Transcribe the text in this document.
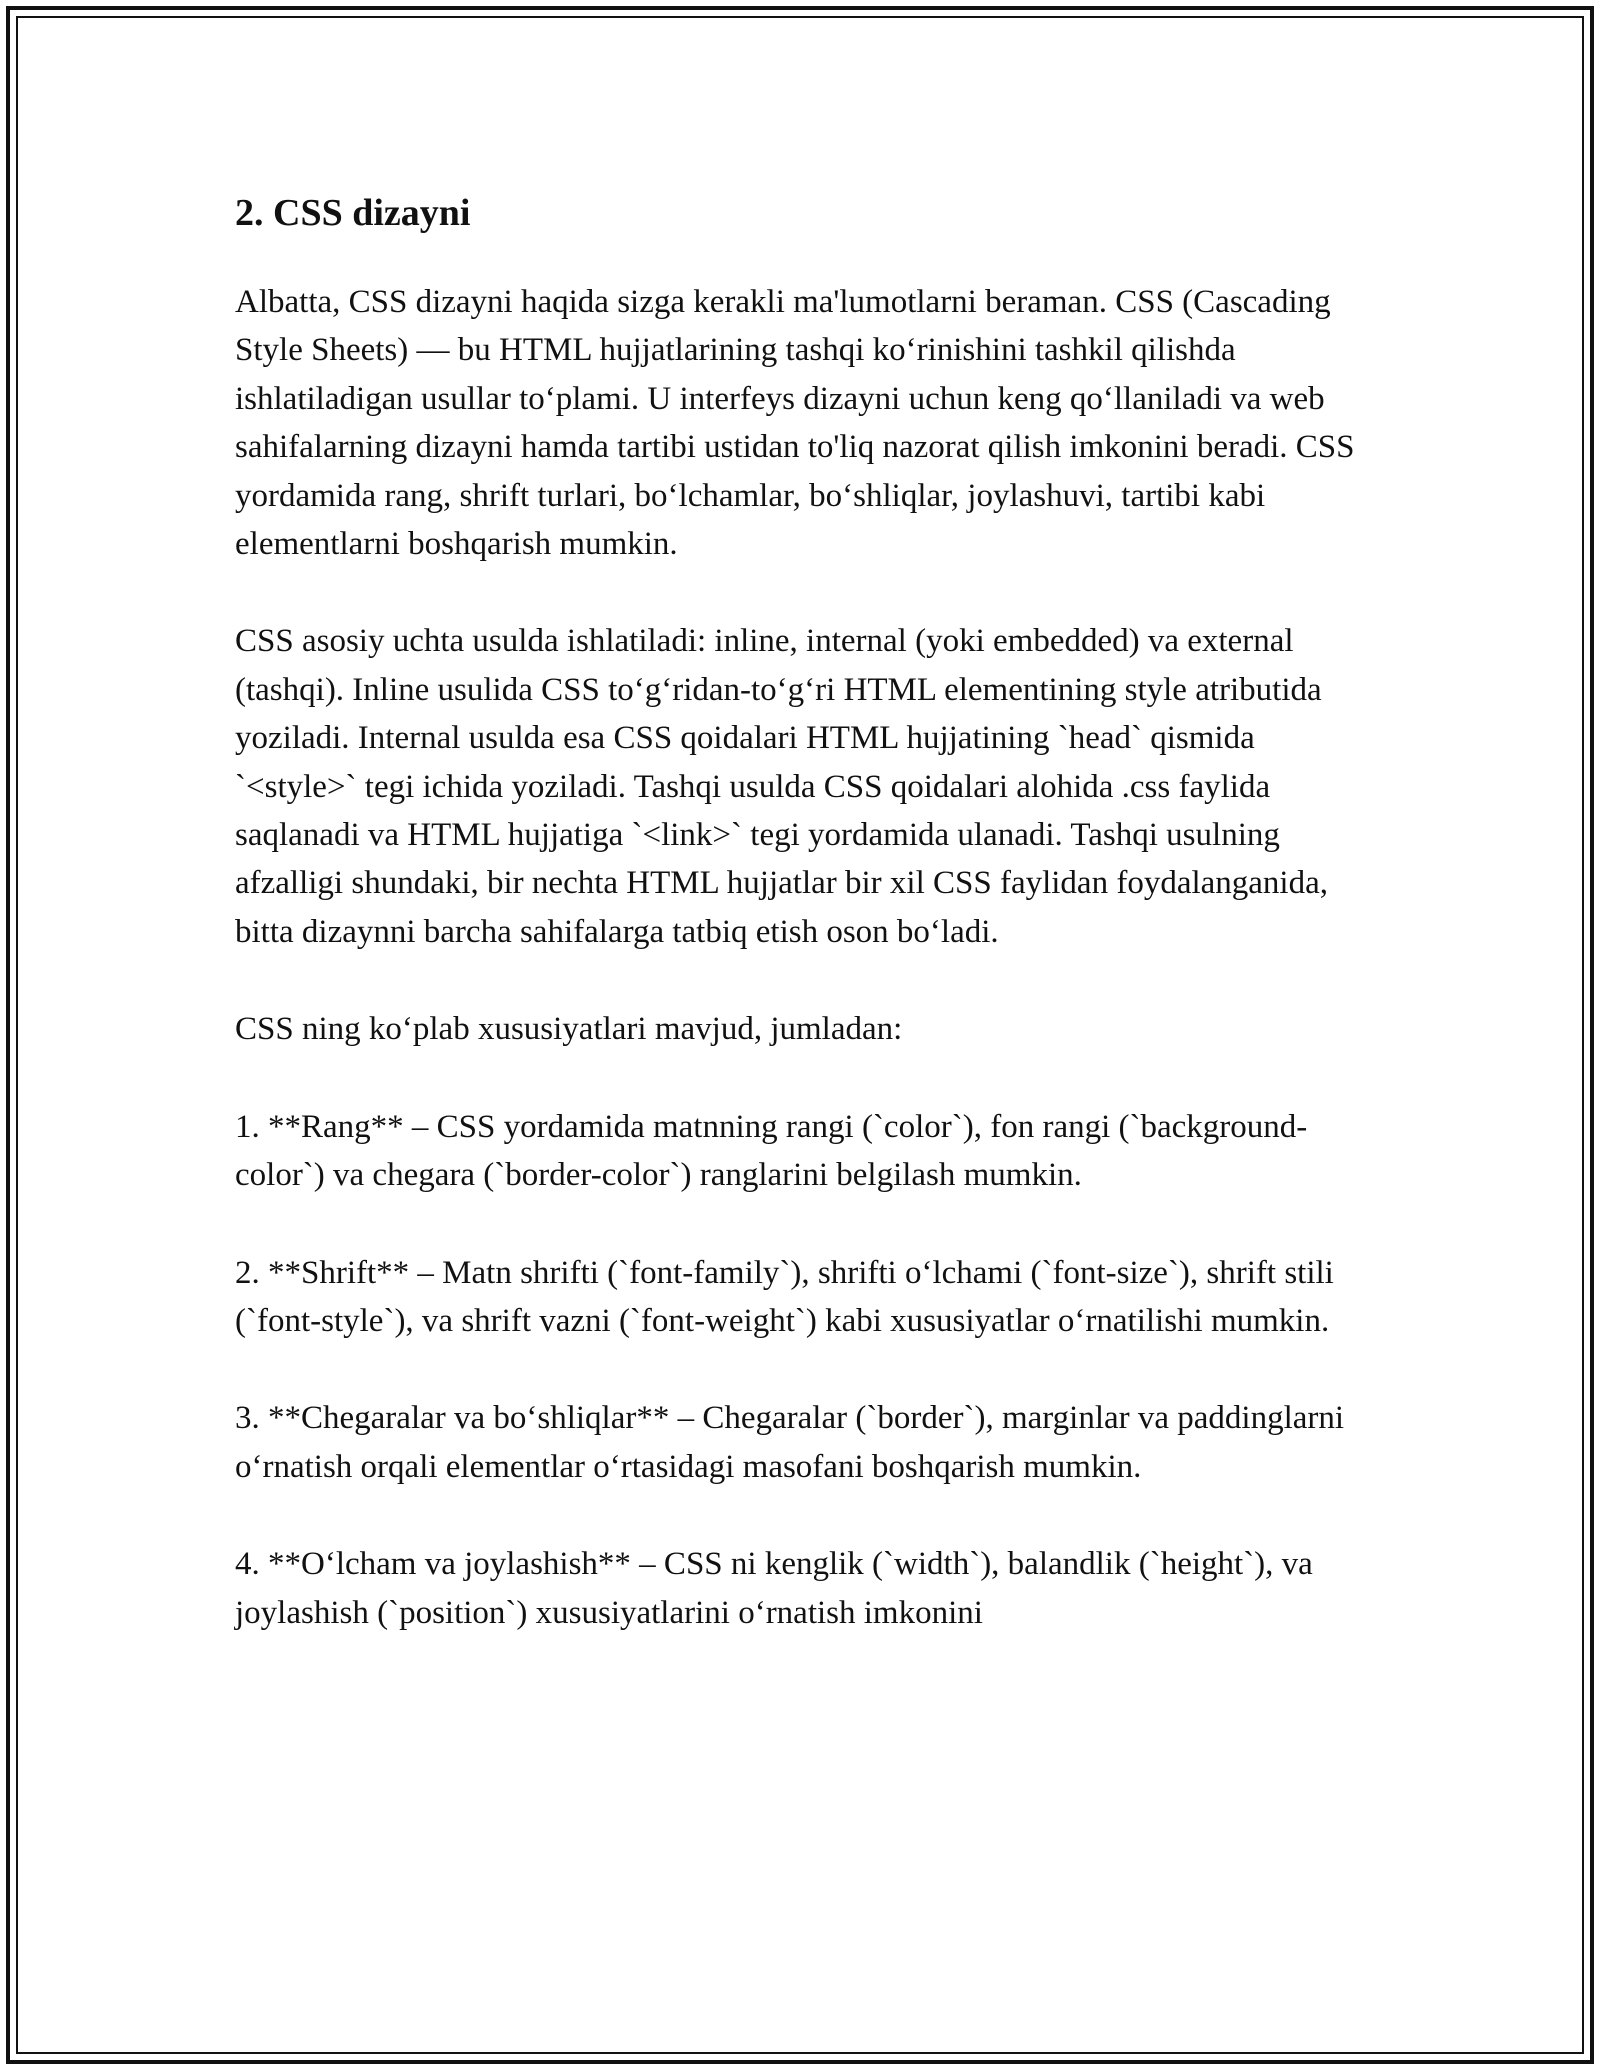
2. CSS dizayni

Albatta, CSS dizayni haqida sizga kerakli ma'lumotlarni beraman. CSS (Cascading Style Sheets) — bu HTML hujjatlarining tashqi ko‘rinishini tashkil qilishda ishlatiladigan usullar to‘plami. U interfeys dizayni uchun keng qo‘llaniladi va web sahifalarning dizayni hamda tartibi ustidan to'liq nazorat qilish imkonini beradi. CSS yordamida rang, shrift turlari, bo‘lchamlar, bo‘shliqlar, joylashuvi, tartibi kabi elementlarni boshqarish mumkin.

CSS asosiy uchta usulda ishlatiladi: inline, internal (yoki embedded) va external (tashqi). Inline usulida CSS to‘g‘ridan-to‘g‘ri HTML elementining style atributida yoziladi. Internal usulda esa CSS qoidalari HTML hujjatining `head` qismida `<style>` tegi ichida yoziladi. Tashqi usulda CSS qoidalari alohida .css faylida saqlanadi va HTML hujjatiga `<link>` tegi yordamida ulanadi. Tashqi usulning afzalligi shundaki, bir nechta HTML hujjatlar bir xil CSS faylidan foydalanganida, bitta dizaynni barcha sahifalarga tatbiq etish oson bo‘ladi.

CSS ning ko‘plab xususiyatlari mavjud, jumladan:

1. **Rang** – CSS yordamida matnning rangi (`color`), fon rangi (`background-color`) va chegara (`border-color`) ranglarini belgilash mumkin.

2. **Shrift** – Matn shrifti (`font-family`), shrifti o‘lchami (`font-size`), shrift stili (`font-style`), va shrift vazni (`font-weight`) kabi xususiyatlar o‘rnatilishi mumkin.

3. **Chegaralar va bo‘shliqlar** – Chegaralar (`border`), marginlar va paddinglarni o‘rnatish orqali elementlar o‘rtasidagi masofani boshqarish mumkin.

4. **O‘lcham va joylashish** – CSS ni kenglik (`width`), balandlik (`height`), va joylashish (`position`) xususiyatlarini o‘rnatish imkonini
